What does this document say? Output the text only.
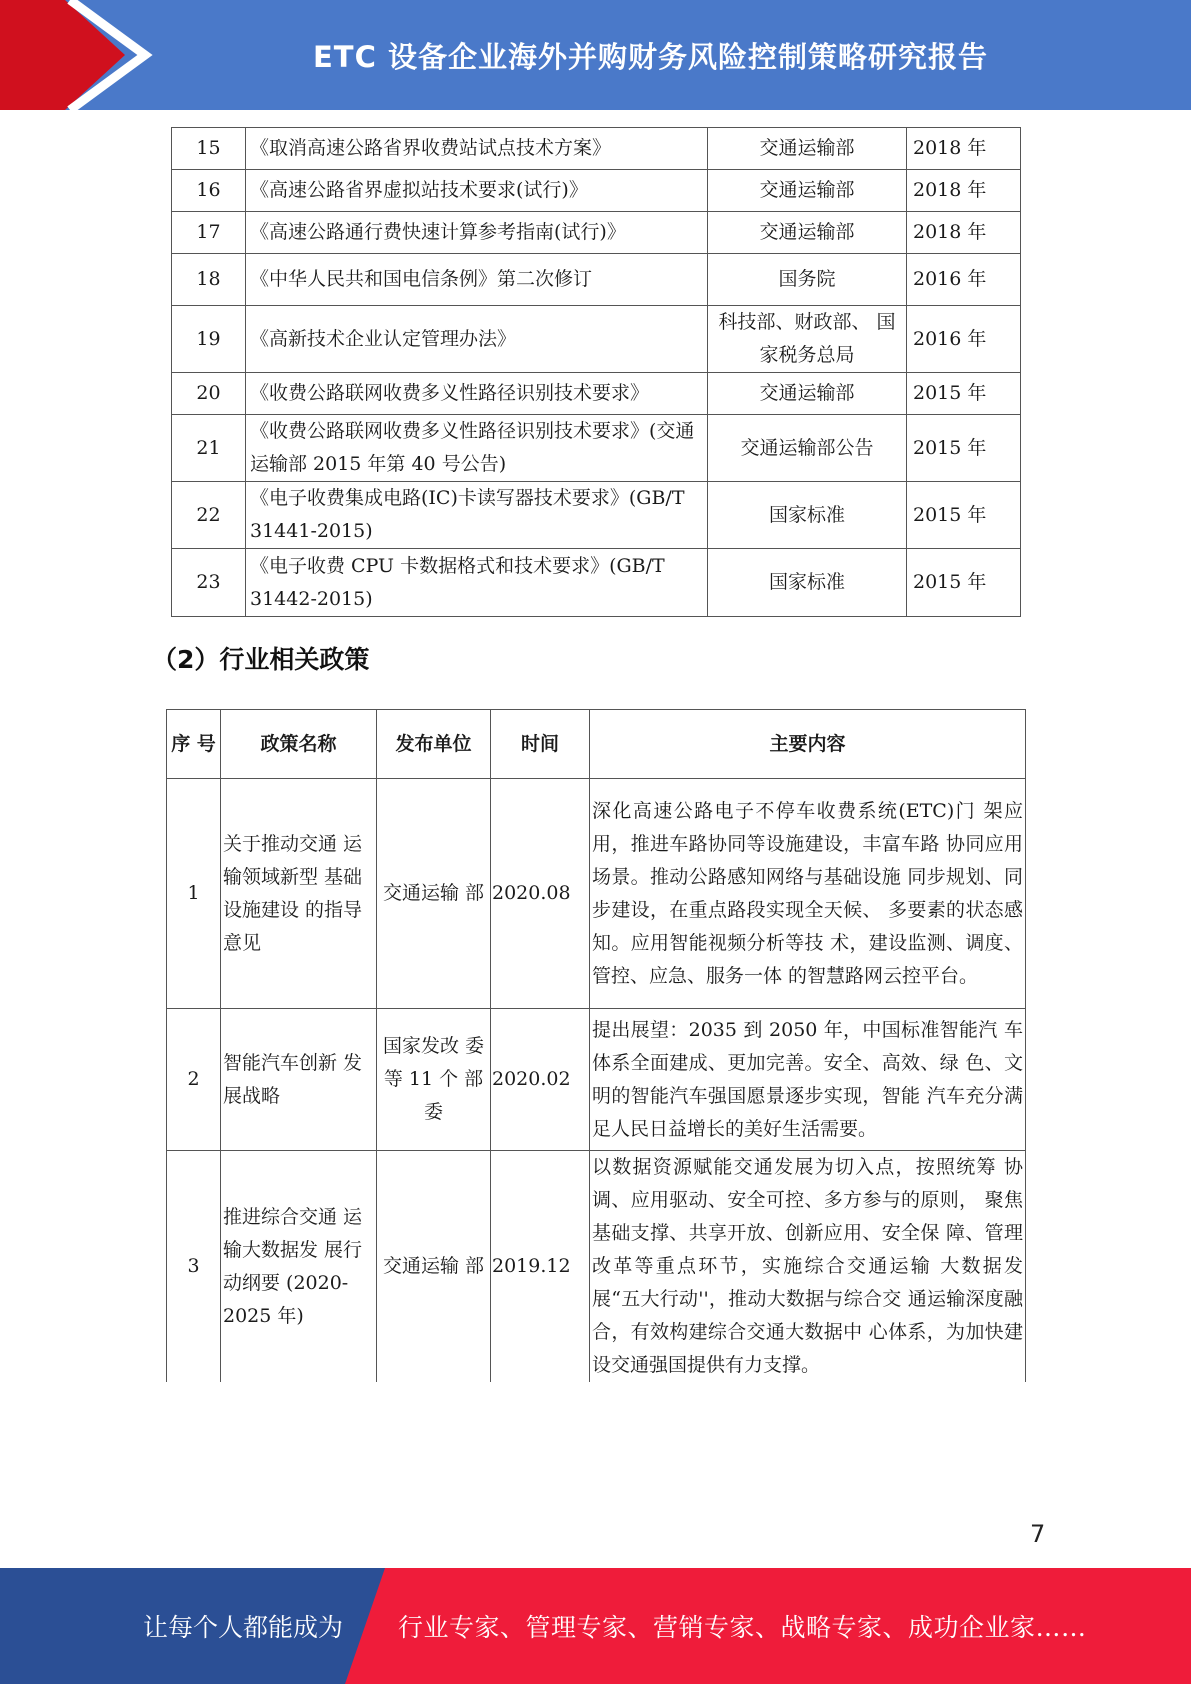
ETC 设备企业海外并购财务风险控制策略研究报告
15	《取消高速公路省界收费站试点技术方案》	交通运输部	2018 年
16	《高速公路省界虚拟站技术要求(试行)》	交通运输部	2018 年
17	《高速公路通行费快速计算参考指南(试行)》	交通运输部	2018 年
18	《中华人民共和国电信条例》第二次修订	国务院	2016 年
19	《高新技术企业认定管理办法》	科技部、财政部、 国家税务总局	2016 年
20	《收费公路联网收费多义性路径识别技术要求》	交通运输部	2015 年
21	《收费公路联网收费多义性路径识别技术要求》(交通运输部 2015 年第 40 号公告)	交通运输部公告	2015 年
22	《电子收费集成电路(IC)卡读写器技术要求》(GB/T 31441-2015)	国家标准	2015 年
23	《电子收费 CPU 卡数据格式和技术要求》(GB/T 31442-2015)	国家标准	2015 年
（2）行业相关政策
序 号	政策名称	发布单位	时间	主要内容
1	关于推动交通 运输领域新型 基础设施建设 的指导意见	交通运输 部	2020.08	深化高速公路电子不停车收费系统(ETC)门 架应用，推进车路协同等设施建设，丰富车路 协同应用场景。推动公路感知网络与基础设施 同步规划、同步建设，在重点路段实现全天候、 多要素的状态感知。应用智能视频分析等技 术，建设监测、调度、管控、应急、服务一体 的智慧路网云控平台。
2	智能汽车创新 发展战略	国家发改 委等 11 个 部委	2020.02	提出展望：2035 到 2050 年，中国标准智能汽 车体系全面建成、更加完善。安全、高效、绿 色、文明的智能汽车强国愿景逐步实现，智能 汽车充分满足人民日益增长的美好生活需要。
3	推进综合交通 运输大数据发 展行动纲要 (2020-2025 年)	交通运输 部	2019.12	以数据资源赋能交通发展为切入点，按照统筹 协调、应用驱动、安全可控、多方参与的原则， 聚焦基础支撑、共享开放、创新应用、安全保 障、管理改革等重点环节，实施综合交通运输 大数据发展“五大行动''，推动大数据与综合交 通运输深度融合，有效构建综合交通大数据中 心体系，为加快建设交通强国提供有力支撑。
7
让每个人都能成为 行业专家、管理专家、营销专家、战略专家、成功企业家……
